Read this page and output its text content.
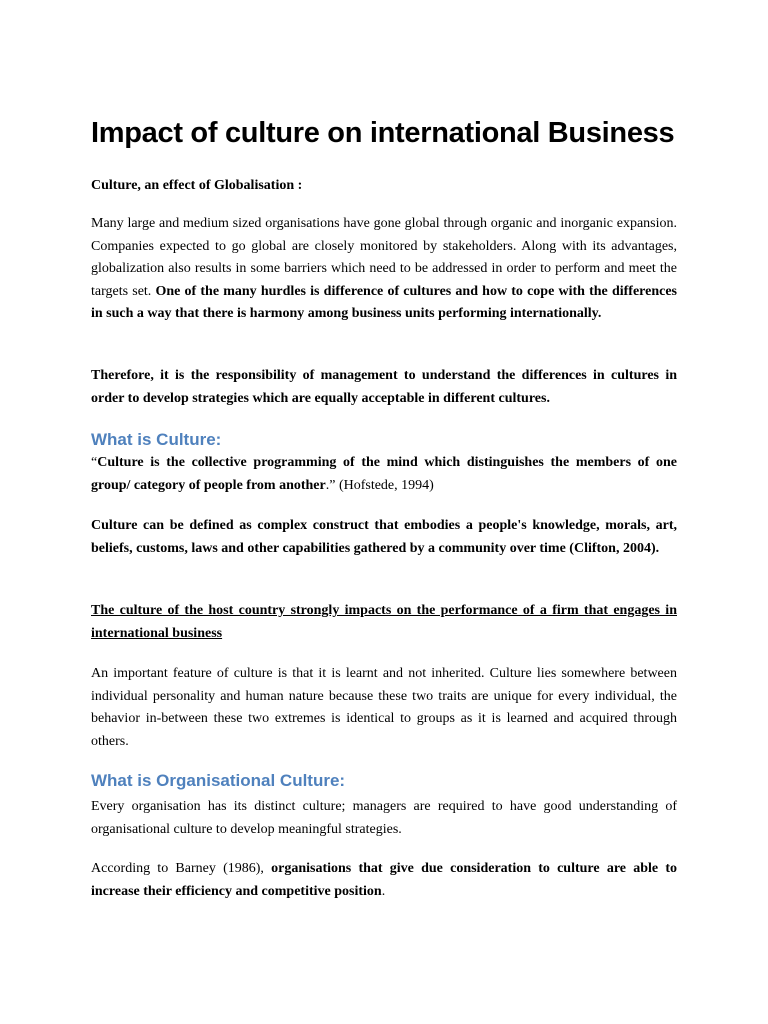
Impact of culture on international Business

Culture, an effect of Globalisation :

Many large and medium sized organisations have gone global through organic and inorganic expansion. Companies expected to go global are closely monitored by stakeholders. Along with its advantages, globalization also results in some barriers which need to be addressed in order to perform and meet the targets set. One of the many hurdles is difference of cultures and how to cope with the differences in such a way that there is harmony among business units performing internationally.

Therefore, it is the responsibility of management to understand the differences in cultures in order to develop strategies which are equally acceptable in different cultures.

What is Culture:

“Culture is the collective programming of the mind which distinguishes the members of one group/ category of people from another.” (Hofstede, 1994)

Culture can be defined as complex construct that embodies a people's knowledge, morals, art, beliefs, customs, laws and other capabilities gathered by a community over time (Clifton, 2004).

The culture of the host country strongly impacts on the performance of a firm that engages in international business

An important feature of culture is that it is learnt and not inherited. Culture lies somewhere between individual personality and human nature because these two traits are unique for every individual, the behavior in-between these two extremes is identical to groups as it is learned and acquired through others.

What is Organisational Culture:

Every organisation has its distinct culture; managers are required to have good understanding of organisational culture to develop meaningful strategies.

According to Barney (1986), organisations that give due consideration to culture are able to increase their efficiency and competitive position.
